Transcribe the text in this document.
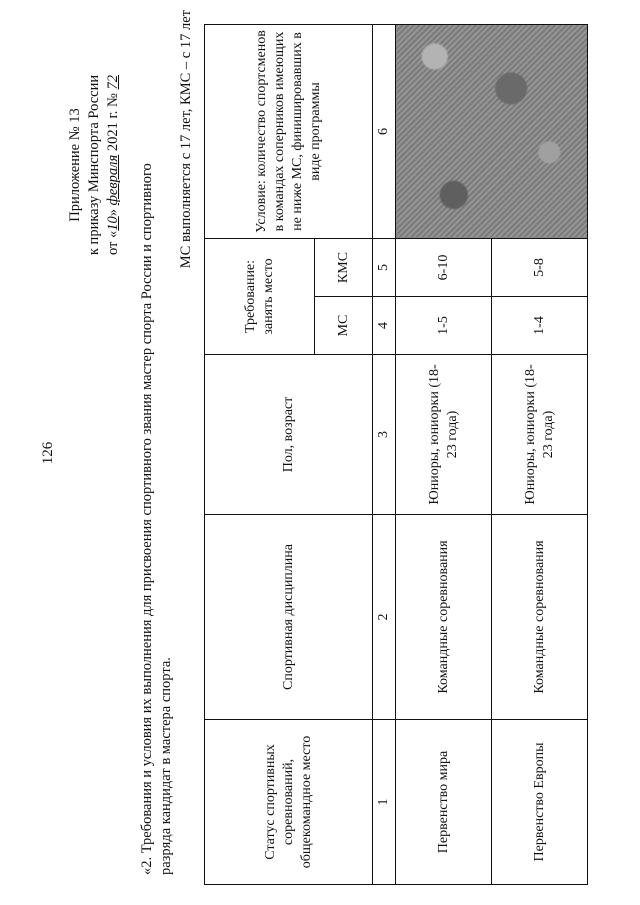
126
Приложение № 13 к приказу Минспорта России от «10» февраля 2021 г. № 72
«2. Требования и условия их выполнения для присвоения спортивного звания мастер спорта России и спортивного разряда кандидат в мастера спорта.
МС выполняется с 17 лет, КМС – с 17 лет
Статус спортивных соревнований, общекомандное место	Спортивная дисциплина	Пол, возраст	Требование: занять место		Условие: количество спортсменов в командах соперников имеющих не ниже МС, финишировавших в виде программы
			МС	КМС	
1	2	3	4	5	6
Первенство мира	Командные соревнования	Юниоры, юниорки (18-23 года)	1-5	6-10	
Первенство Европы	Командные соревнования	Юниоры, юниорки (18-23 года)	1-4	5-8	
